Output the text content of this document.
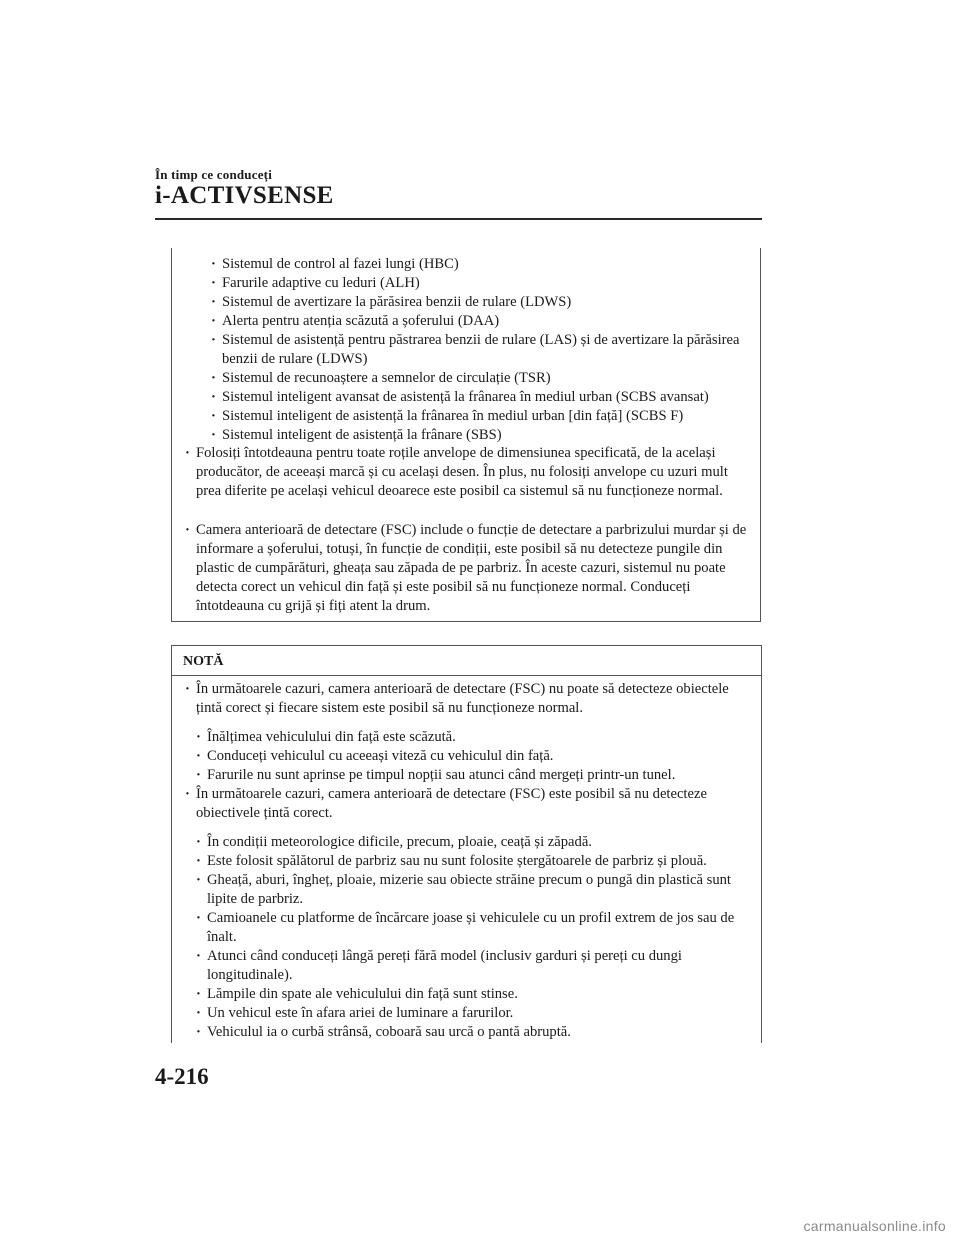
În timp ce conduceți
i-ACTIVSENSE
· Sistemul de control al fazei lungi (HBC)
· Farurile adaptive cu leduri (ALH)
· Sistemul de avertizare la părăsirea benzii de rulare (LDWS)
· Alerta pentru atenția scăzută a șoferului (DAA)
· Sistemul de asistență pentru păstrarea benzii de rulare (LAS) și de avertizare la părăsirea benzii de rulare (LDWS)
· Sistemul de recunoaștere a semnelor de circulație (TSR)
· Sistemul inteligent avansat de asistență la frânarea în mediul urban (SCBS avansat)
· Sistemul inteligent de asistență la frânarea în mediul urban [din față] (SCBS F)
· Sistemul inteligent de asistență la frânare (SBS)
· Folosiți întotdeauna pentru toate roțile anvelope de dimensiunea specificată, de la același producător, de aceeași marcă și cu același desen. În plus, nu folosiți anvelope cu uzuri mult prea diferite pe același vehicul deoarece este posibil ca sistemul să nu funcționeze normal.
· Camera anterioară de detectare (FSC) include o funcție de detectare a parbrizului murdar și de informare a șoferului, totuși, în funcție de condiții, este posibil să nu detecteze pungile din plastic de cumpărături, gheața sau zăpada de pe parbriz. În aceste cazuri, sistemul nu poate detecta corect un vehicul din față și este posibil să nu funcționeze normal. Conduceți întotdeauna cu grijă și fiți atent la drum.
NOTĂ
· În următoarele cazuri, camera anterioară de detectare (FSC) nu poate să detecteze obiectele țintă corect și fiecare sistem este posibil să nu funcționeze normal.
· Înălțimea vehiculului din față este scăzută.
· Conduceți vehiculul cu aceeași viteză cu vehiculul din față.
· Farurile nu sunt aprinse pe timpul nopții sau atunci când mergeți printr-un tunel.
· În următoarele cazuri, camera anterioară de detectare (FSC) este posibil să nu detecteze obiectivele țintă corect.
· În condiții meteorologice dificile, precum, ploaie, ceață și zăpadă.
· Este folosit spălătorul de parbriz sau nu sunt folosite ștergătoarele de parbriz și plouă.
· Gheață, aburi, îngheț, ploaie, mizerie sau obiecte străine precum o pungă din plastică sunt lipite de parbriz.
· Camioanele cu platforme de încărcare joase și vehiculele cu un profil extrem de jos sau de înalt.
· Atunci când conduceți lângă pereți fără model (inclusiv garduri și pereți cu dungi longitudinale).
· Lămpile din spate ale vehiculului din față sunt stinse.
· Un vehicul este în afara ariei de luminare a farurilor.
· Vehiculul ia o curbă strânsă, coboară sau urcă o pantă abruptă.
4-216
carmanualsonline.info
